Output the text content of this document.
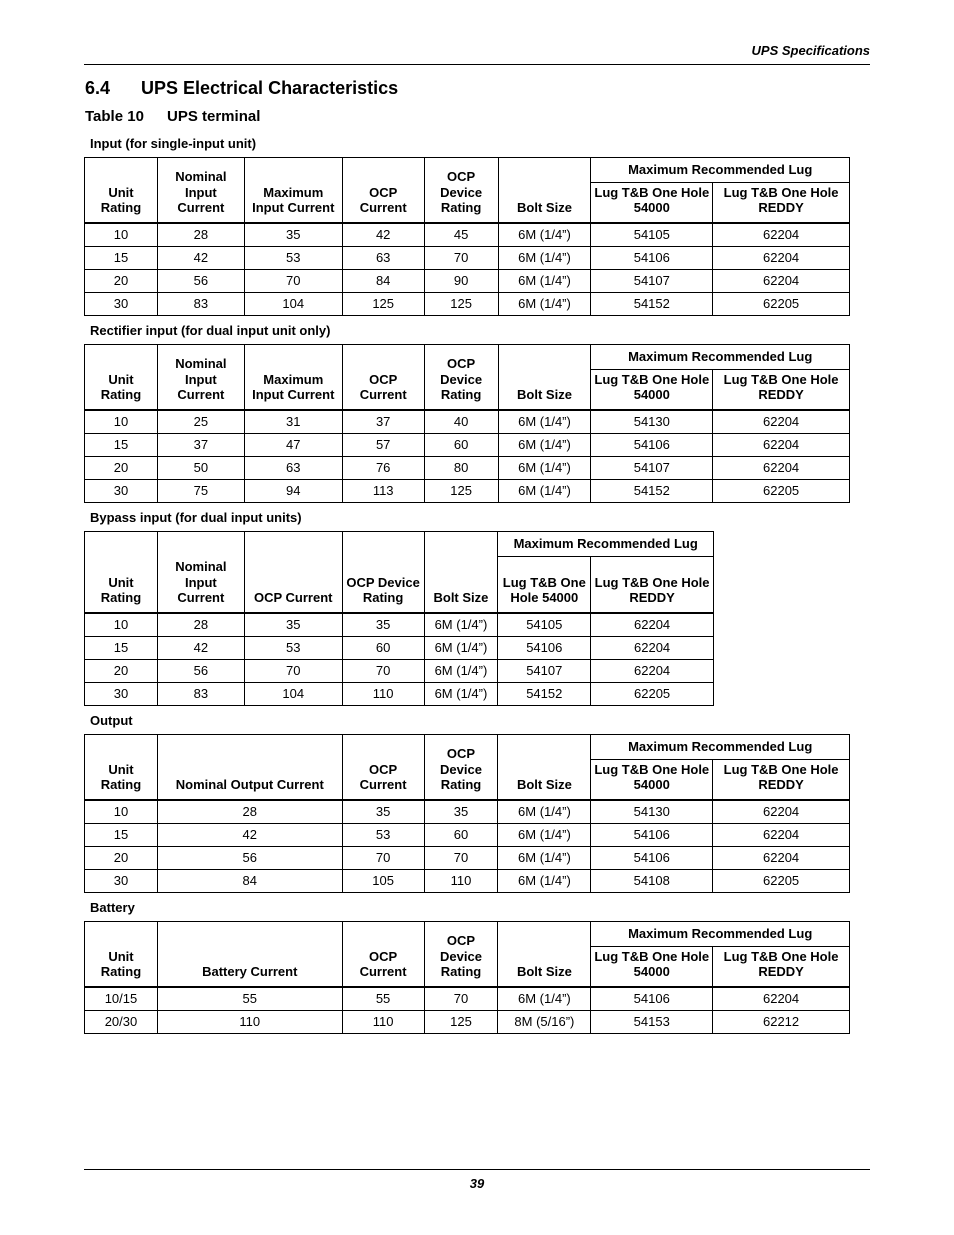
UPS Specifications
6.4 UPS Electrical Characteristics
Table 10 UPS terminal
Input (for single-input unit)
Unit Rating	Nominal Input Current	Maximum Input Current	OCP Current	OCP Device Rating	Bolt Size	Maximum Recommended Lug	
						Lug T&B One Hole 54000	Lug T&B One Hole REDDY
10	28	35	42	45	6M (1/4”)	54105	62204
15	42	53	63	70	6M (1/4”)	54106	62204
20	56	70	84	90	6M (1/4”)	54107	62204
30	83	104	125	125	6M (1/4”)	54152	62205
Rectifier input (for dual input unit only)
Unit Rating	Nominal Input Current	Maximum Input Current	OCP Current	OCP Device Rating	Bolt Size	Maximum Recommended Lug	
						Lug T&B One Hole 54000	Lug T&B One Hole REDDY
10	25	31	37	40	6M (1/4”)	54130	62204
15	37	47	57	60	6M (1/4”)	54106	62204
20	50	63	76	80	6M (1/4”)	54107	62204
30	75	94	113	125	6M (1/4”)	54152	62205
Bypass input (for dual input units)
Unit Rating	Nominal Input Current	OCP Current	OCP Device Rating	Bolt Size	Maximum Recommended Lug	
					Lug T&B One Hole 54000	Lug T&B One Hole REDDY
10	28	35	35	6M (1/4”)	54105	62204
15	42	53	60	6M (1/4”)	54106	62204
20	56	70	70	6M (1/4”)	54107	62204
30	83	104	110	6M (1/4”)	54152	62205
Output
Unit Rating	Nominal Output Current	OCP Current	OCP Device Rating	Bolt Size	Maximum Recommended Lug	
					Lug T&B One Hole 54000	Lug T&B One Hole REDDY
10	28	35	35	6M (1/4”)	54130	62204
15	42	53	60	6M (1/4”)	54106	62204
20	56	70	70	6M (1/4”)	54106	62204
30	84	105	110	6M (1/4”)	54108	62205
Battery
Unit Rating	Battery Current	OCP Current	OCP Device Rating	Bolt Size	Maximum Recommended Lug	
					Lug T&B One Hole 54000	Lug T&B One Hole REDDY
10/15	55	55	70	6M (1/4”)	54106	62204
20/30	110	110	125	8M (5/16”)	54153	62212
39
